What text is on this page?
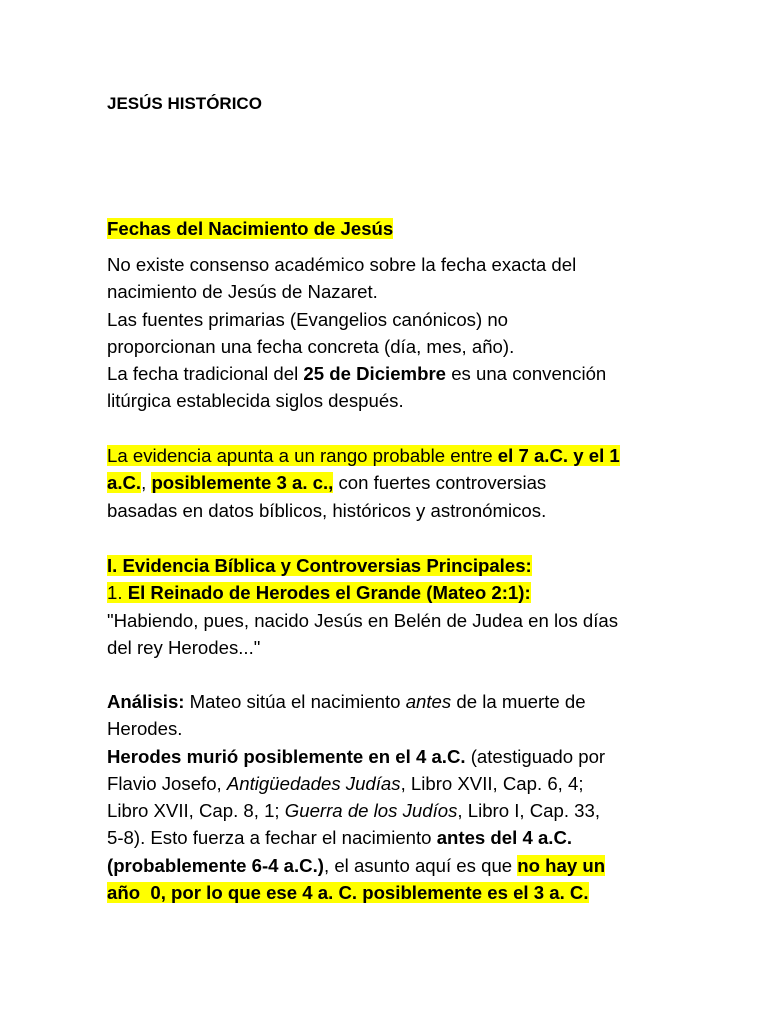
JESÚS HISTÓRICO
Fechas del Nacimiento de Jesús
No existe consenso académico sobre la fecha exacta del
nacimiento de Jesús de Nazaret.
Las fuentes primarias (Evangelios canónicos) no
proporcionan una fecha concreta (día, mes, año).
La fecha tradicional del 25 de Diciembre es una convención
litúrgica establecida siglos después.
La evidencia apunta a un rango probable entre el 7 a.C. y el 1
a.C., posiblemente 3 a. c., con fuertes controversias
basadas en datos bíblicos, históricos y astronómicos.
I. Evidencia Bíblica y Controversias Principales:
1. El Reinado de Herodes el Grande (Mateo 2:1):
"Habiendo, pues, nacido Jesús en Belén de Judea en los días
del rey Herodes..."
Análisis: Mateo sitúa el nacimiento antes de la muerte de
Herodes.
Herodes murió posiblemente en el 4 a.C. (atestiguado por
Flavio Josefo, Antigüedades Judías, Libro XVII, Cap. 6, 4;
Libro XVII, Cap. 8, 1; Guerra de los Judíos, Libro I, Cap. 33,
5-8). Esto fuerza a fechar el nacimiento antes del 4 a.C.
(probablemente 6-4 a.C.), el asunto aquí es que no hay un
año  0, por lo que ese 4 a. C. posiblemente es el 3 a. C.
